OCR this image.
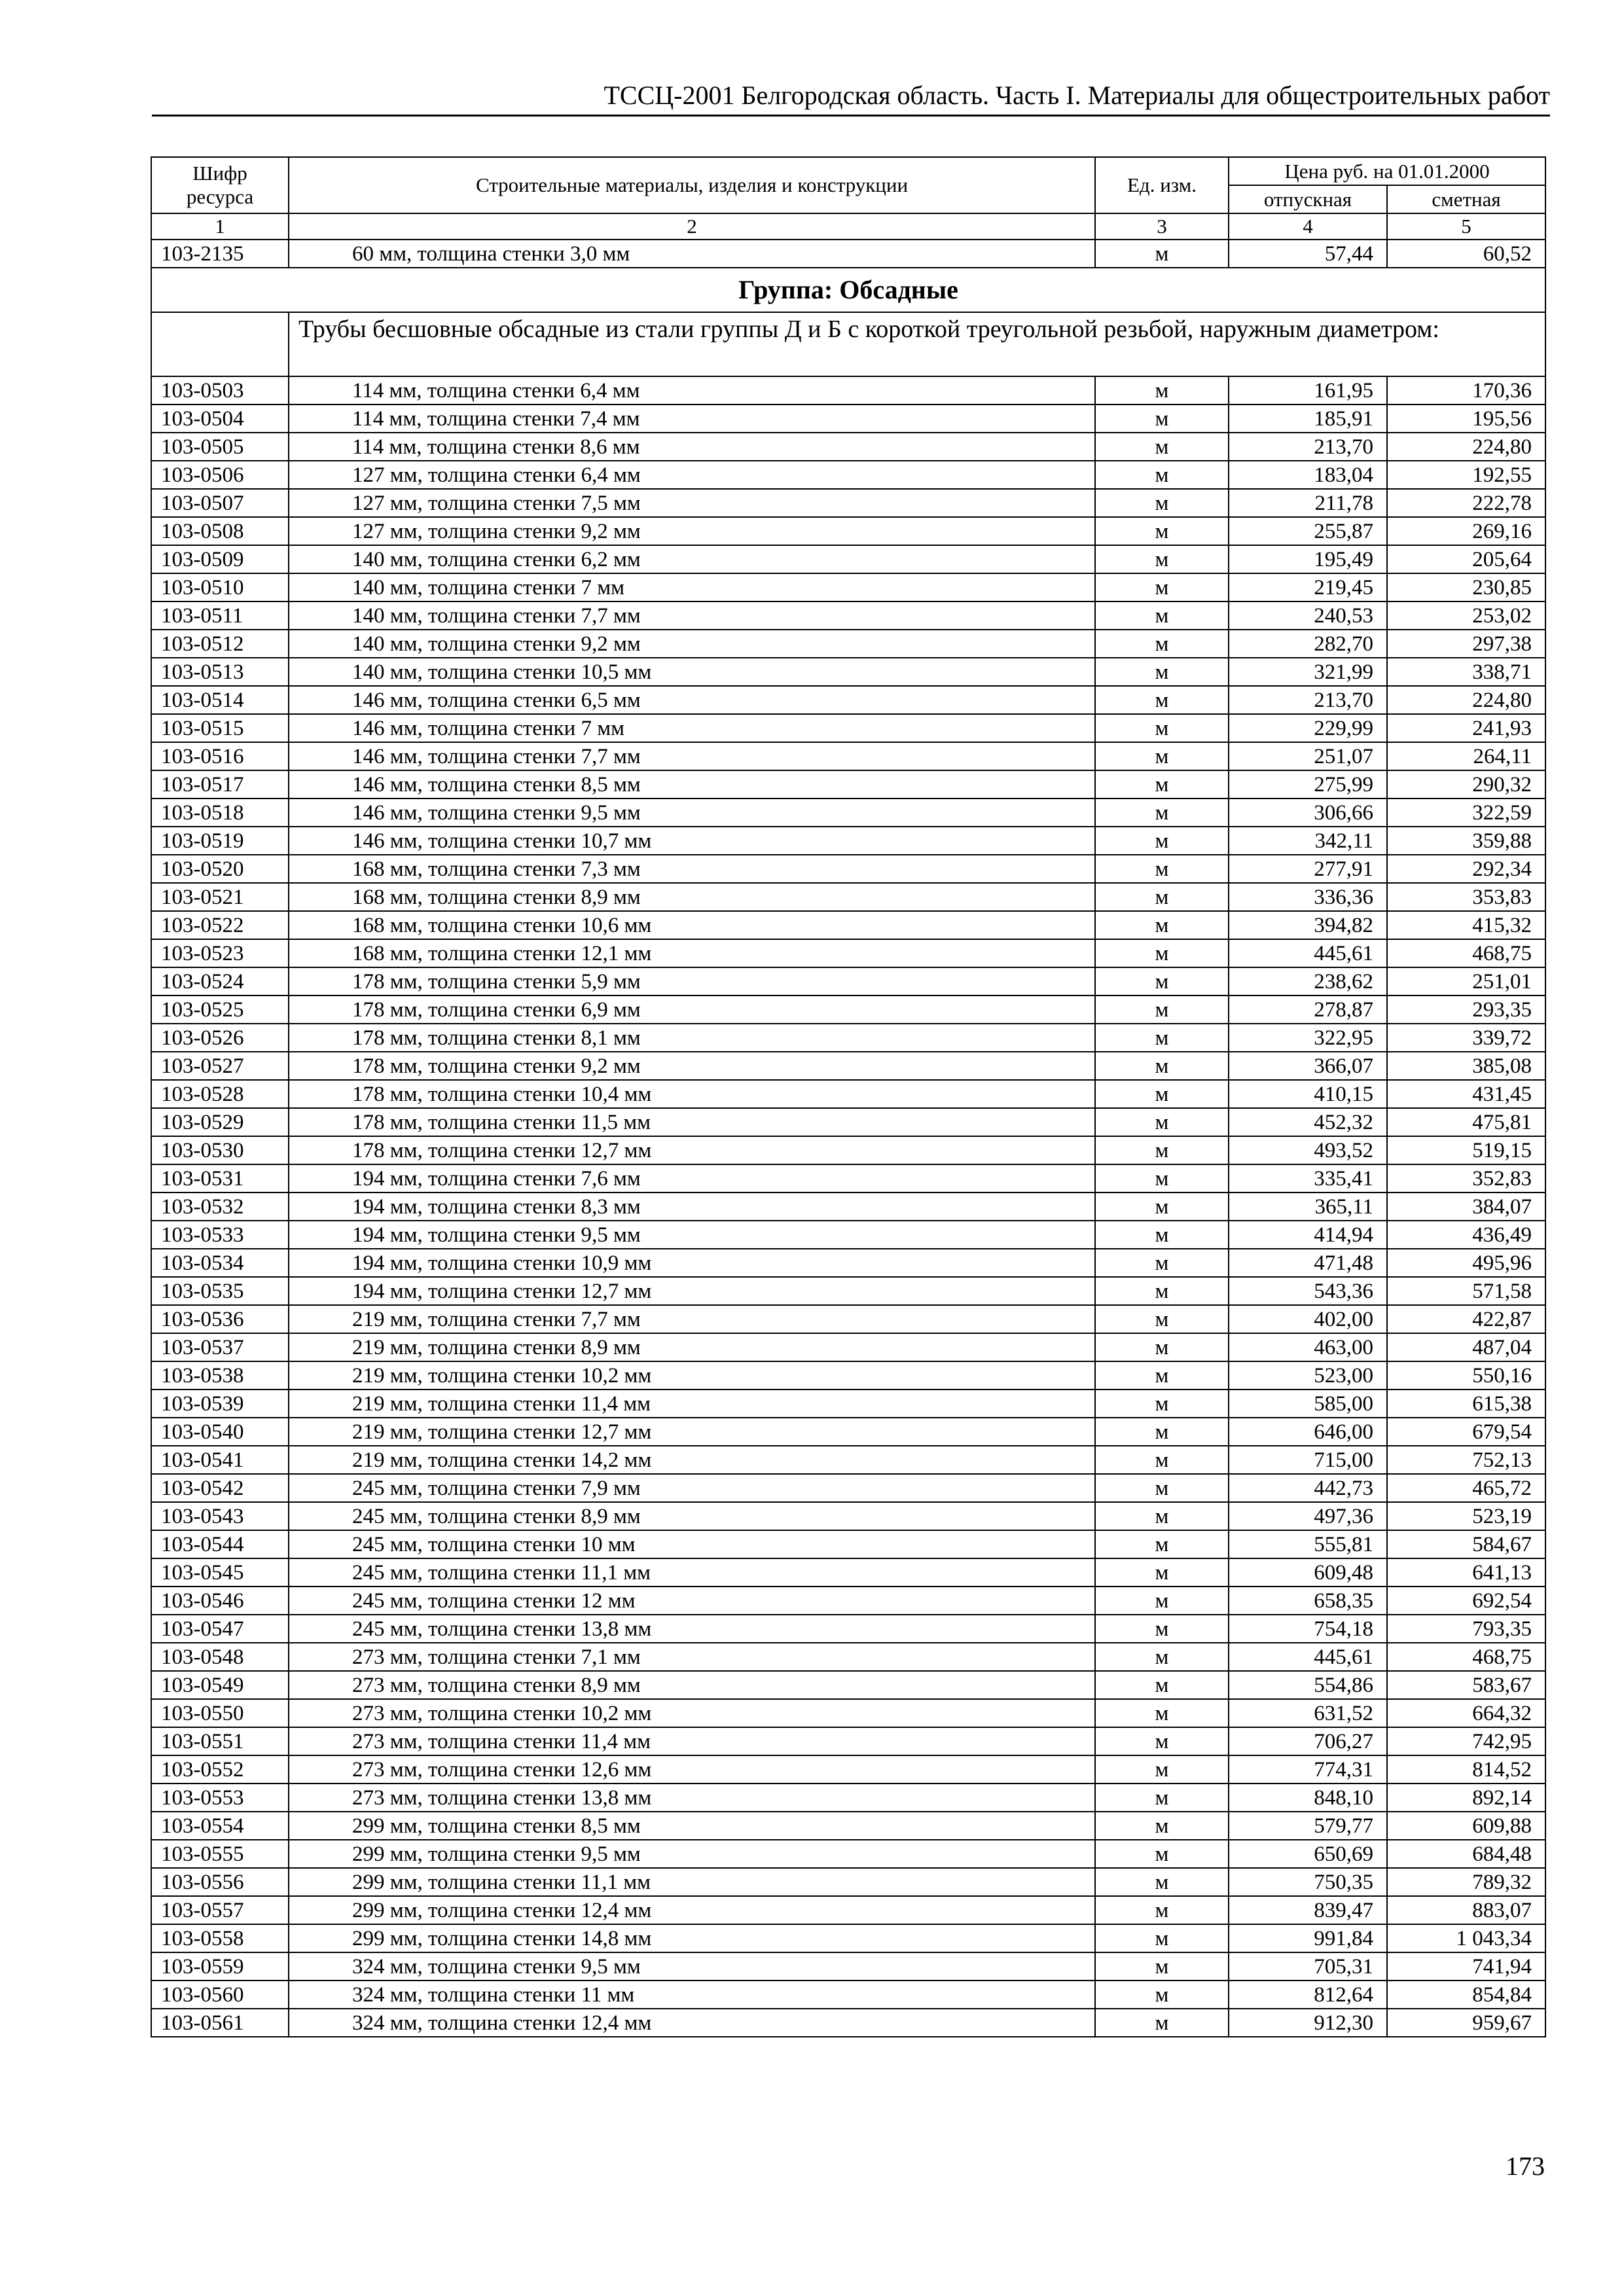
ТССЦ-2001 Белгородская область. Часть I. Материалы для общестроительных работ
Шифр ресурса	Строительные материалы, изделия и конструкции	Ед. изм.	Цена руб. на 01.01.2000	
			отпускная	сметная
1	2	3	4	5
103-2135	60 мм, толщина стенки 3,0 мм	м	57,44	60,52
Группа: Обсадные				
	Трубы бесшовные обсадные из стали группы Д и Б с короткой треугольной резьбой, наружным диаметром:			
103-0503	114 мм, толщина стенки 6,4 мм	м	161,95	170,36
103-0504	114 мм, толщина стенки 7,4 мм	м	185,91	195,56
103-0505	114 мм, толщина стенки 8,6 мм	м	213,70	224,80
103-0506	127 мм, толщина стенки 6,4 мм	м	183,04	192,55
103-0507	127 мм, толщина стенки 7,5 мм	м	211,78	222,78
103-0508	127 мм, толщина стенки 9,2 мм	м	255,87	269,16
103-0509	140 мм, толщина стенки 6,2 мм	м	195,49	205,64
103-0510	140 мм, толщина стенки 7 мм	м	219,45	230,85
103-0511	140 мм, толщина стенки 7,7 мм	м	240,53	253,02
103-0512	140 мм, толщина стенки 9,2 мм	м	282,70	297,38
103-0513	140 мм, толщина стенки 10,5 мм	м	321,99	338,71
103-0514	146 мм, толщина стенки 6,5 мм	м	213,70	224,80
103-0515	146 мм, толщина стенки 7 мм	м	229,99	241,93
103-0516	146 мм, толщина стенки 7,7 мм	м	251,07	264,11
103-0517	146 мм, толщина стенки 8,5 мм	м	275,99	290,32
103-0518	146 мм, толщина стенки 9,5 мм	м	306,66	322,59
103-0519	146 мм, толщина стенки 10,7 мм	м	342,11	359,88
103-0520	168 мм, толщина стенки 7,3 мм	м	277,91	292,34
103-0521	168 мм, толщина стенки 8,9 мм	м	336,36	353,83
103-0522	168 мм, толщина стенки 10,6 мм	м	394,82	415,32
103-0523	168 мм, толщина стенки 12,1 мм	м	445,61	468,75
103-0524	178 мм, толщина стенки 5,9 мм	м	238,62	251,01
103-0525	178 мм, толщина стенки 6,9 мм	м	278,87	293,35
103-0526	178 мм, толщина стенки 8,1 мм	м	322,95	339,72
103-0527	178 мм, толщина стенки 9,2 мм	м	366,07	385,08
103-0528	178 мм, толщина стенки 10,4 мм	м	410,15	431,45
103-0529	178 мм, толщина стенки 11,5 мм	м	452,32	475,81
103-0530	178 мм, толщина стенки 12,7 мм	м	493,52	519,15
103-0531	194 мм, толщина стенки 7,6 мм	м	335,41	352,83
103-0532	194 мм, толщина стенки 8,3 мм	м	365,11	384,07
103-0533	194 мм, толщина стенки 9,5 мм	м	414,94	436,49
103-0534	194 мм, толщина стенки 10,9 мм	м	471,48	495,96
103-0535	194 мм, толщина стенки 12,7 мм	м	543,36	571,58
103-0536	219 мм, толщина стенки 7,7 мм	м	402,00	422,87
103-0537	219 мм, толщина стенки 8,9 мм	м	463,00	487,04
103-0538	219 мм, толщина стенки 10,2 мм	м	523,00	550,16
103-0539	219 мм, толщина стенки 11,4 мм	м	585,00	615,38
103-0540	219 мм, толщина стенки 12,7 мм	м	646,00	679,54
103-0541	219 мм, толщина стенки 14,2 мм	м	715,00	752,13
103-0542	245 мм, толщина стенки 7,9 мм	м	442,73	465,72
103-0543	245 мм, толщина стенки 8,9 мм	м	497,36	523,19
103-0544	245 мм, толщина стенки 10 мм	м	555,81	584,67
103-0545	245 мм, толщина стенки 11,1 мм	м	609,48	641,13
103-0546	245 мм, толщина стенки 12 мм	м	658,35	692,54
103-0547	245 мм, толщина стенки 13,8 мм	м	754,18	793,35
103-0548	273 мм, толщина стенки 7,1 мм	м	445,61	468,75
103-0549	273 мм, толщина стенки 8,9 мм	м	554,86	583,67
103-0550	273 мм, толщина стенки 10,2 мм	м	631,52	664,32
103-0551	273 мм, толщина стенки 11,4 мм	м	706,27	742,95
103-0552	273 мм, толщина стенки 12,6 мм	м	774,31	814,52
103-0553	273 мм, толщина стенки 13,8 мм	м	848,10	892,14
103-0554	299 мм, толщина стенки 8,5 мм	м	579,77	609,88
103-0555	299 мм, толщина стенки 9,5 мм	м	650,69	684,48
103-0556	299 мм, толщина стенки 11,1 мм	м	750,35	789,32
103-0557	299 мм, толщина стенки 12,4 мм	м	839,47	883,07
103-0558	299 мм, толщина стенки 14,8 мм	м	991,84	1 043,34
103-0559	324 мм, толщина стенки 9,5 мм	м	705,31	741,94
103-0560	324 мм, толщина стенки 11 мм	м	812,64	854,84
103-0561	324 мм, толщина стенки 12,4 мм	м	912,30	959,67
173
